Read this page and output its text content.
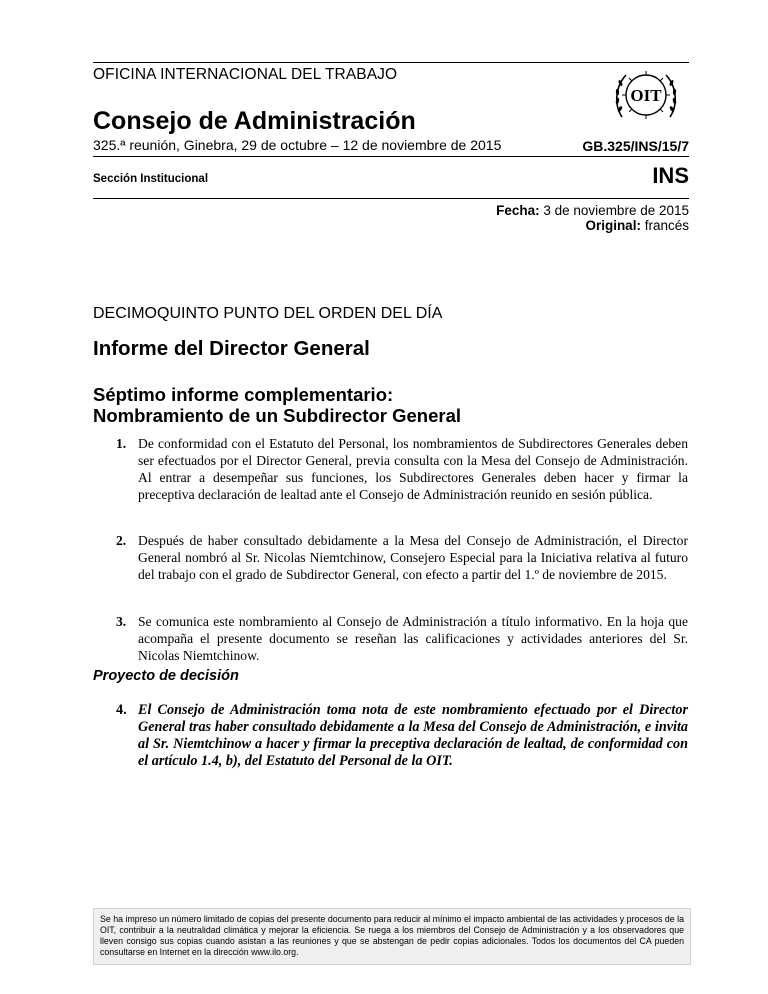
OFICINA INTERNACIONAL DEL TRABAJO
OIT
Consejo de Administración
325.ª reunión, Ginebra, 29 de octubre – 12 de noviembre de 2015	GB.325/INS/15/7
Sección Institucional	INS
Fecha: 3 de noviembre de 2015
Original: francés
DECIMOQUINTO PUNTO DEL ORDEN DEL DÍA
Informe del Director General
Séptimo informe complementario:
Nombramiento de un Subdirector General
1. De conformidad con el Estatuto del Personal, los nombramientos de Subdirectores Generales deben ser efectuados por el Director General, previa consulta con la Mesa del Consejo de Administración. Al entrar a desempeñar sus funciones, los Subdirectores Generales deben hacer y firmar la preceptiva declaración de lealtad ante el Consejo de Administración reunido en sesión pública.
2. Después de haber consultado debidamente a la Mesa del Consejo de Administración, el Director General nombró al Sr. Nicolas Niemtchinow, Consejero Especial para la Iniciativa relativa al futuro del trabajo con el grado de Subdirector General, con efecto a partir del 1.º de noviembre de 2015.
3. Se comunica este nombramiento al Consejo de Administración a título informativo. En la hoja que acompaña el presente documento se reseñan las calificaciones y actividades anteriores del Sr. Nicolas Niemtchinow.
Proyecto de decisión
4. El Consejo de Administración toma nota de este nombramiento efectuado por el Director General tras haber consultado debidamente a la Mesa del Consejo de Administración, e invita al Sr. Niemtchinow a hacer y firmar la preceptiva declaración de lealtad, de conformidad con el artículo 1.4, b), del Estatuto del Personal de la OIT.
Se ha impreso un número limitado de copias del presente documento para reducir al mínimo el impacto ambiental de las actividades y procesos de la OIT, contribuir a la neutralidad climática y mejorar la eficiencia. Se ruega a los miembros del Consejo de Administración y a los observadores que lleven consigo sus copias cuando asistan a las reuniones y que se abstengan de pedir copias adicionales. Todos los documentos del CA pueden consultarse en Internet en la dirección www.ilo.org.
